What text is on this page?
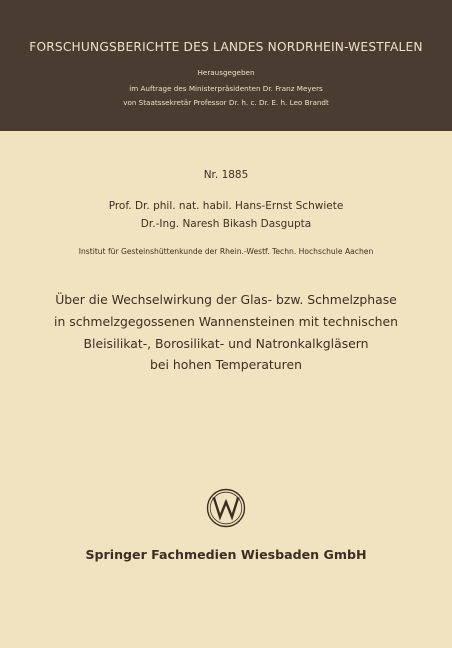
FORSCHUNGSBERICHTE DES LANDES NORDRHEIN-WESTFALEN
Herausgegeben
im Auftrage des Ministerpräsidenten Dr. Franz Meyers
von Staatssekretär Professor Dr. h. c. Dr. E. h. Leo Brandt
Nr. 1885
Prof. Dr. phil. nat. habil. Hans-Ernst Schwiete
Dr.-Ing. Naresh Bikash Dasgupta
Institut für Gesteinshüttenkunde der Rhein.-Westf. Techn. Hochschule Aachen
Über die Wechselwirkung der Glas- bzw. Schmelzphase
in schmelzgegossenen Wannensteinen mit technischen
Bleisilikat-, Borosilikat- und Natronkalkgläsern
bei hohen Temperaturen
Springer Fachmedien Wiesbaden GmbH
